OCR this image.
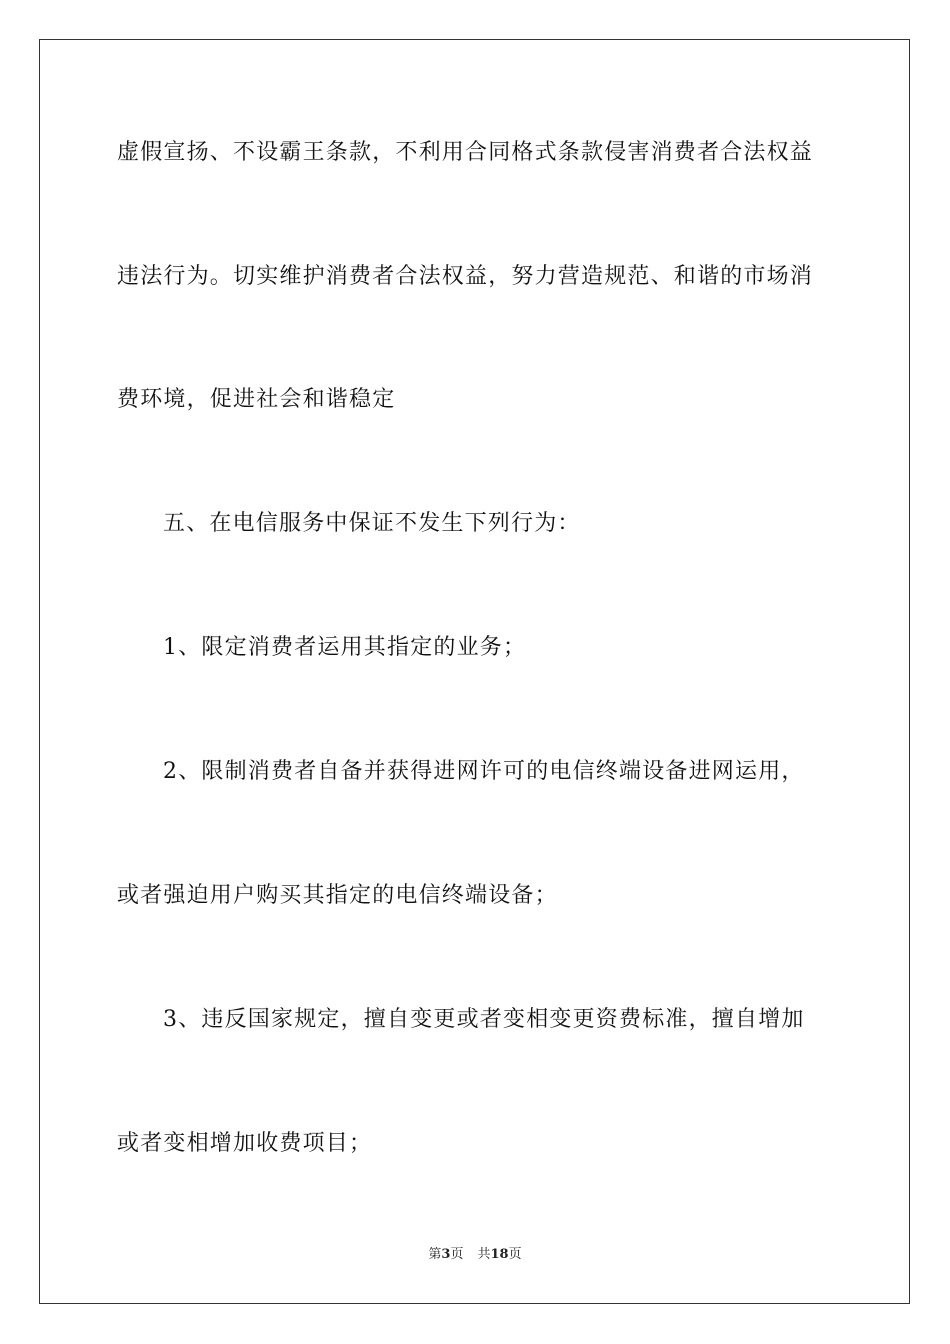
虚假宣扬、不设霸王条款，不利用合同格式条款侵害消费者合法权益
违法行为。切实维护消费者合法权益，努力营造规范、和谐的市场消
费环境，促进社会和谐稳定
五、在电信服务中保证不发生下列行为：
1、限定消费者运用其指定的业务；
2、限制消费者自备并获得进网许可的电信终端设备进网运用，
或者强迫用户购买其指定的电信终端设备；
3、违反国家规定，擅自变更或者变相变更资费标准，擅自增加
或者变相增加收费项目；
第3页 共18页
